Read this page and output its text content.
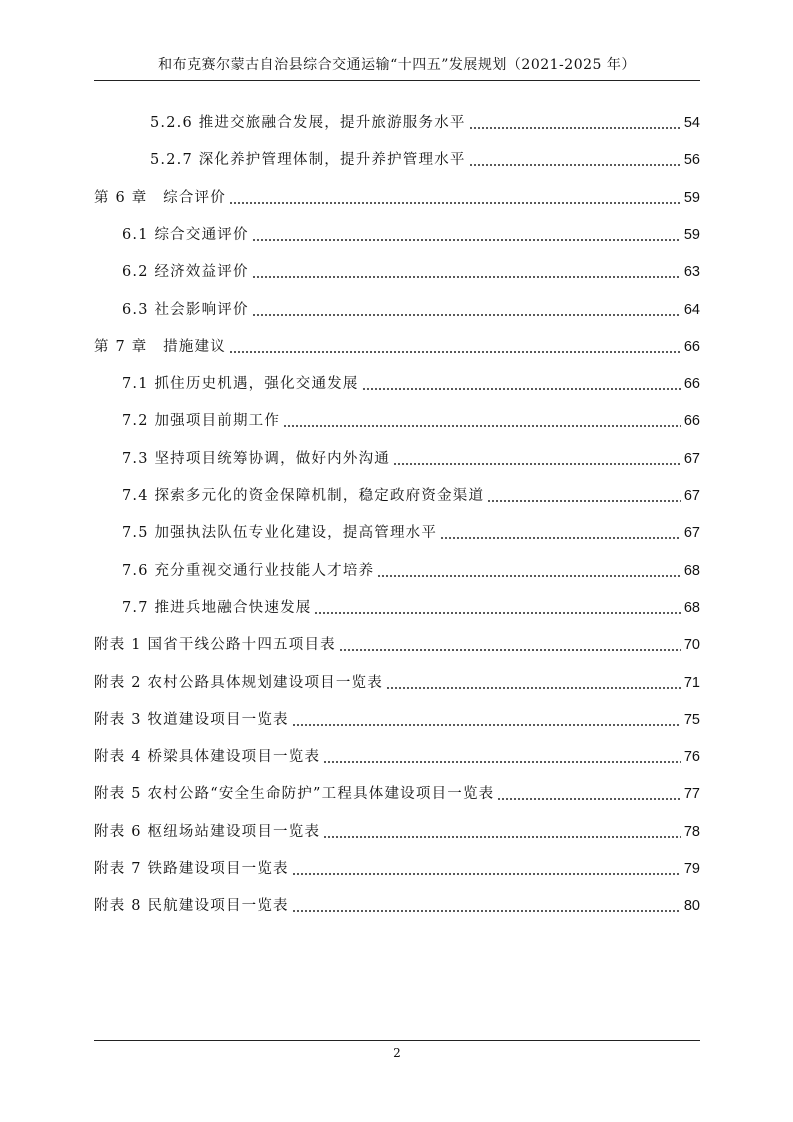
和布克赛尔蒙古自治县综合交通运输“十四五”发展规划（2021-2025 年）
5.2.6 推进交旅融合发展，提升旅游服务水平	54
5.2.7 深化养护管理体制，提升养护管理水平	56
第 6 章　综合评价	59
6.1 综合交通评价	59
6.2 经济效益评价	63
6.3 社会影响评价	64
第 7 章　措施建议	66
7.1 抓住历史机遇，强化交通发展	66
7.2 加强项目前期工作	66
7.3 坚持项目统筹协调，做好内外沟通	67
7.4 探索多元化的资金保障机制，稳定政府资金渠道	67
7.5 加强执法队伍专业化建设，提高管理水平	67
7.6 充分重视交通行业技能人才培养	68
7.7 推进兵地融合快速发展	68
附表 1 国省干线公路十四五项目表	70
附表 2 农村公路具体规划建设项目一览表	71
附表 3 牧道建设项目一览表	75
附表 4 桥梁具体建设项目一览表	76
附表 5 农村公路“安全生命防护”工程具体建设项目一览表	77
附表 6 枢纽场站建设项目一览表	78
附表 7 铁路建设项目一览表	79
附表 8 民航建设项目一览表	80
2
